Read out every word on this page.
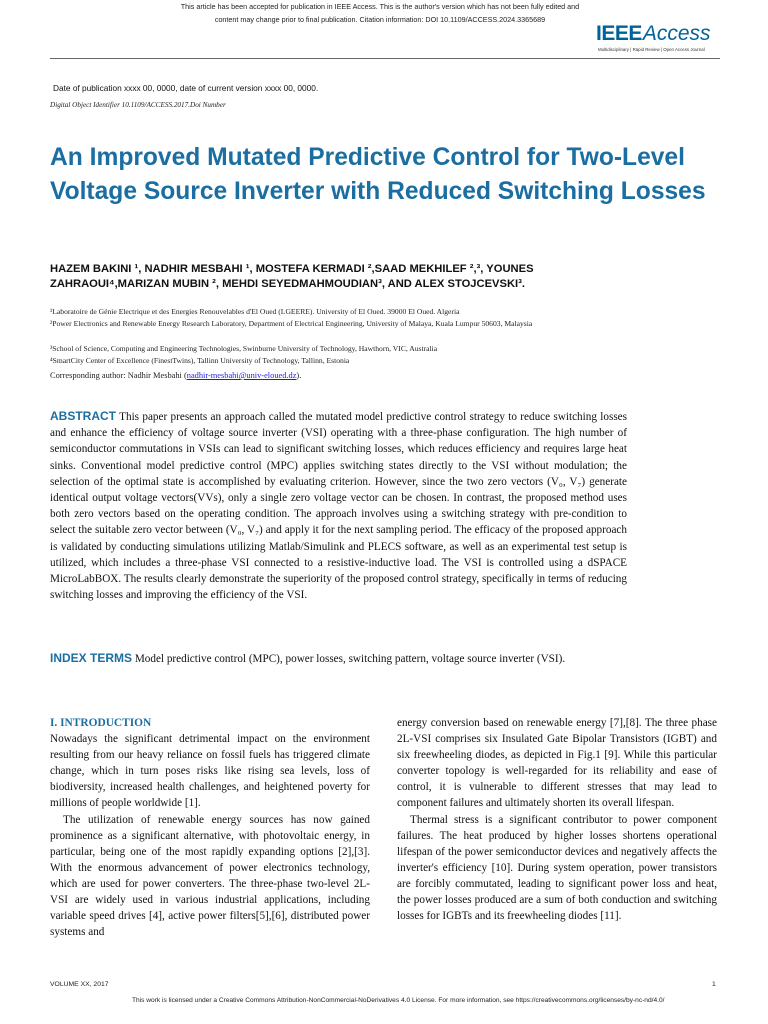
This article has been accepted for publication in IEEE Access. This is the author's version which has not been fully edited and
content may change prior to final publication. Citation information: DOI 10.1109/ACCESS.2024.3365689
IEEEAccess
Multidisciplinary | Rapid Review | Open Access Journal
Date of publication xxxx 00, 0000, date of current version xxxx 00, 0000.
Digital Object Identifier 10.1109/ACCESS.2017.Doi Number
An Improved Mutated Predictive Control for Two-Level Voltage Source Inverter with Reduced Switching Losses
HAZEM BAKINI ¹, NADHIR MESBAHI ¹, MOSTEFA KERMADI ²,SAAD MEKHILEF ²,³, YOUNES ZAHRAOUI⁴,MARIZAN MUBIN ², MEHDI SEYEDMAHMOUDIAN³, AND ALEX STOJCEVSKI³.
¹Laboratoire de Génie Electrique et des Energies Renouvelables d'El Oued (LGEERE). University of El Oued. 39000 El Oued. Algeria
²Power Electronics and Renewable Energy Research Laboratory, Department of Electrical Engineering, University of Malaya, Kuala Lumpur 50603, Malaysia
³School of Science, Computing and Engineering Technologies, Swinburne University of Technology, Hawthorn, VIC, Australia
⁴SmartCity Center of Excellence (FinestTwins), Tallinn University of Technology, Tallinn, Estonia
Corresponding author: Nadhir Mesbahi (nadhir-mesbahi@univ-eloued.dz).

ABSTRACT This paper presents an approach called the mutated model predictive control strategy to reduce switching losses and enhance the efficiency of voltage source inverter (VSI) operating with a three-phase configuration. The high number of semiconductor commutations in VSIs can lead to significant switching losses, which reduces efficiency and requires large heat sinks. Conventional model predictive control (MPC) applies switching states directly to the VSI without modulation; the selection of the optimal state is accomplished by evaluating criterion. However, since the two zero vectors (V₀, V₇) generate identical output voltage vectors(VVs), only a single zero voltage vector can be chosen. In contrast, the proposed method uses both zero vectors based on the operating condition. The approach involves using a switching strategy with pre-condition to select the suitable zero vector between (V₀, V₇) and apply it for the next sampling period. The efficacy of the proposed approach is validated by conducting simulations utilizing Matlab/Simulink and PLECS software, as well as an experimental test setup is utilized, which includes a three-phase VSI connected to a resistive-inductive load. The VSI is controlled using a dSPACE MicroLabBOX. The results clearly demonstrate the superiority of the proposed control strategy, specifically in terms of reducing switching losses and improving the efficiency of the VSI.

INDEX TERMS Model predictive control (MPC), power losses, switching pattern, voltage source inverter (VSI).

I. INTRODUCTION

Nowadays the significant detrimental impact on the environment resulting from our heavy reliance on fossil fuels has triggered climate change, which in turn poses risks like rising sea levels, loss of biodiversity, increased health challenges, and heightened poverty for millions of people worldwide [1].

The utilization of renewable energy sources has now gained prominence as a significant alternative, with photovoltaic energy, in particular, being one of the most rapidly expanding options [2],[3]. With the enormous advancement of power electronics technology, which are used for power converters. The three-phase two-level 2L-VSI are widely used in various industrial applications, including variable speed drives [4], active power filters[5],[6], distributed power systems and

energy conversion based on renewable energy [7],[8]. The three phase 2L-VSI comprises six Insulated Gate Bipolar Transistors (IGBT) and six freewheeling diodes, as depicted in Fig.1 [9]. While this particular converter topology is well-regarded for its reliability and ease of control, it is vulnerable to different stresses that may lead to component failures and ultimately shorten its overall lifespan.

Thermal stress is a significant contributor to power component failures. The heat produced by higher losses shortens operational lifespan of the power semiconductor devices and negatively affects the inverter's efficiency [10]. During system operation, power transistors are forcibly commutated, leading to significant power loss and heat, the power losses produced are a sum of both conduction and switching losses for IGBTs and its freewheeling diodes [11].

VOLUME XX, 2017	1
This work is licensed under a Creative Commons Attribution-NonCommercial-NoDerivatives 4.0 License. For more information, see https://creativecommons.org/licenses/by-nc-nd/4.0/
